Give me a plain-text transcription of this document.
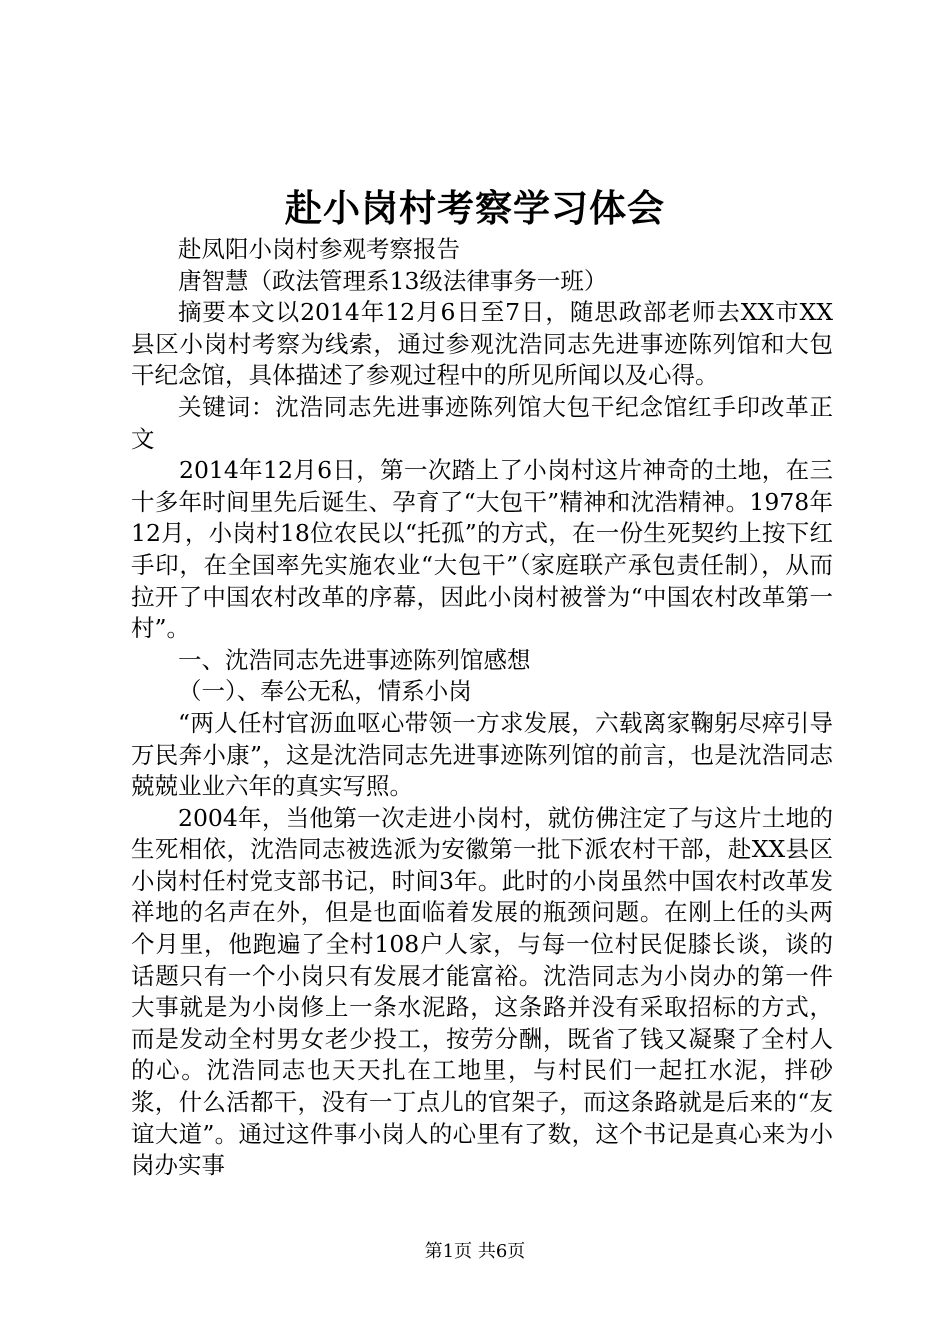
赴小岗村考察学习体会

赴凤阳小岗村参观考察报告

唐智慧（政法管理系13级法律事务一班）

摘要本文以2014年12月6日至7日，随思政部老师去XX市XX县区小岗村考察为线索，通过参观沈浩同志先进事迹陈列馆和大包干纪念馆，具体描述了参观过程中的所见所闻以及心得。

关键词：沈浩同志先进事迹陈列馆大包干纪念馆红手印改革正文

2014年12月6日，第一次踏上了小岗村这片神奇的土地，在三十多年时间里先后诞生、孕育了“大包干”精神和沈浩精神。1978年12月，小岗村18位农民以“托孤”的方式，在一份生死契约上按下红手印，在全国率先实施农业“大包干”（家庭联产承包责任制），从而拉开了中国农村改革的序幕，因此小岗村被誉为“中国农村改革第一村”。

一、沈浩同志先进事迹陈列馆感想

（一）、奉公无私，情系小岗

“两人任村官沥血呕心带领一方求发展，六载离家鞠躬尽瘁引导万民奔小康”，这是沈浩同志先进事迹陈列馆的前言，也是沈浩同志兢兢业业六年的真实写照。

2004年，当他第一次走进小岗村，就仿佛注定了与这片土地的生死相依，沈浩同志被选派为安徽第一批下派农村干部，赴XX县区小岗村任村党支部书记，时间3年。此时的小岗虽然中国农村改革发祥地的名声在外，但是也面临着发展的瓶颈问题。在刚上任的头两个月里，他跑遍了全村108户人家，与每一位村民促膝长谈，谈的话题只有一个小岗只有发展才能富裕。沈浩同志为小岗办的第一件大事就是为小岗修上一条水泥路，这条路并没有采取招标的方式，而是发动全村男女老少投工，按劳分酬，既省了钱又凝聚了全村人的心。沈浩同志也天天扎在工地里，与村民们一起扛水泥，拌砂浆，什么活都干，没有一丁点儿的官架子，而这条路就是后来的“友谊大道”。通过这件事小岗人的心里有了数，这个书记是真心来为小岗办实事

第1页 共6页
